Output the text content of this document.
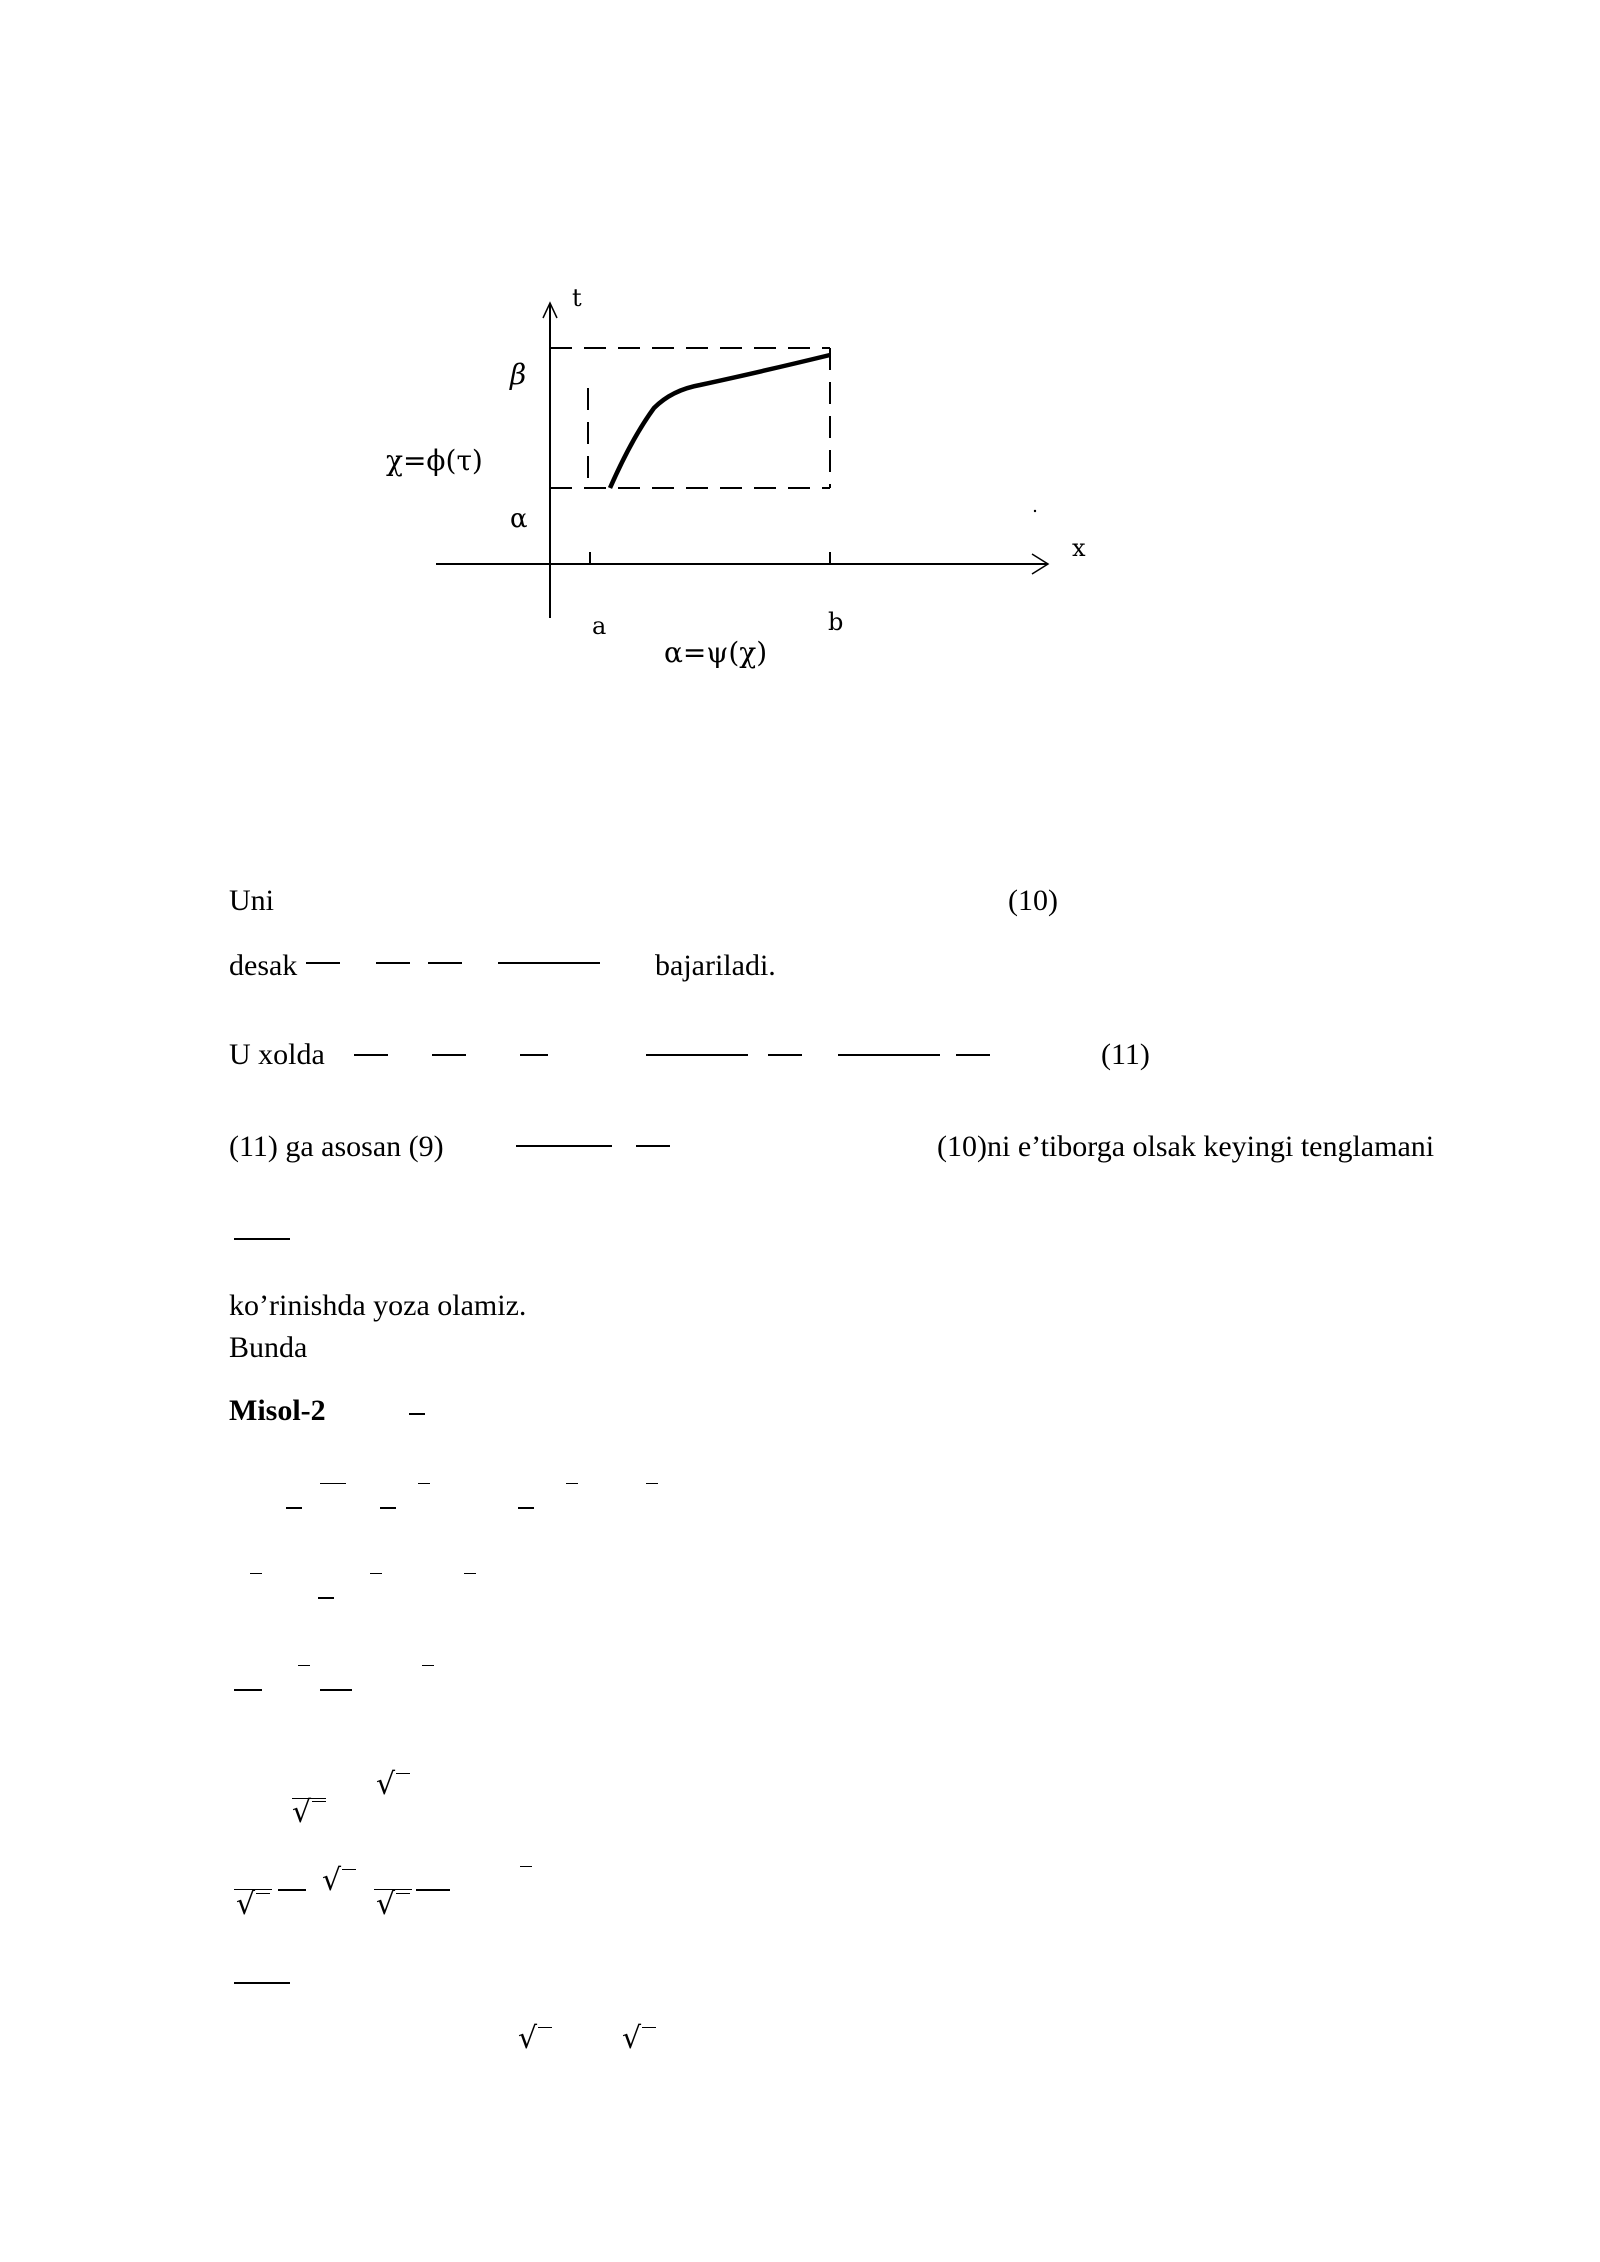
t
x
β
α
χ=ϕ(τ)
a	b
α=ψ(χ)
Uni	(10)
desak	bajariladi.
U xolda	(11)
(11) ga asosan (9)	(10)ni e’tiborga olsak keyingi tenglamani
ko’rinishda yoza olamiz.
Bunda
Misol-2
√
√
√
√
√
√	√
